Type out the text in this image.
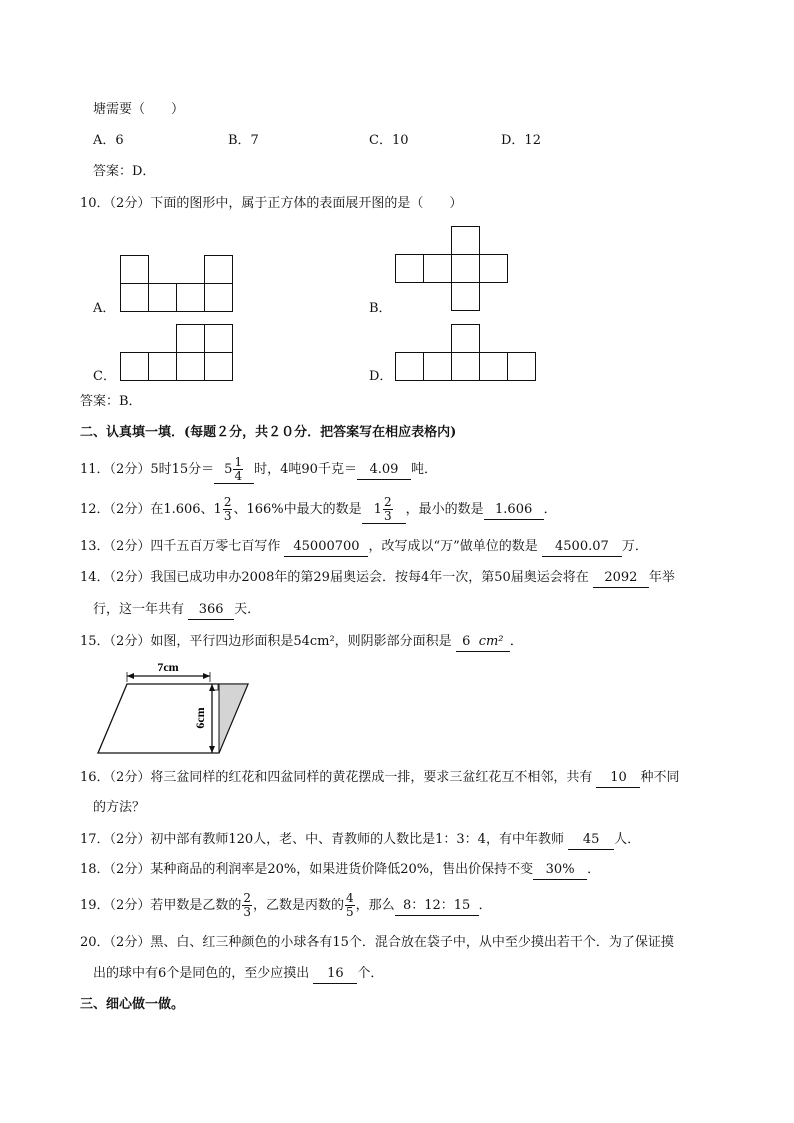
塘需要（　　）
A．6	B．7	C．10	D．12
答案：D．
10．（2分）下面的图形中，属于正方体的表面展开图的是（　　）
A．	B．
C．	D．
答案：B．
二、认真填一填．(每题２分，共２０分．把答案写在相应表格内)
11．（2分）5时15分＝ $5 \frac{1}{4}$ 时，4吨90千克＝ 4.09 吨．
12．（2分）在1.606、$1 \frac{2}{3}$ 、166%中最大的数是 $1 \frac{2}{3}$ ，最小的数是 1.606 ．
13．（2分）四千五百万零七百写作 45000700 ，改写成以“万”做单位的数是 4500.07 万．
14．（2分）我国已成功申办2008年的第29届奥运会．按每4年一次，第50届奥运会将在 2092 年举
行，这一年共有 366 天．
15．（2分）如图，平行四边形面积是54cm²，则阴影部分面积是 6 cm² ．
7cm
6cm
16．（2分）将三盆同样的红花和四盆同样的黄花摆成一排，要求三盆红花互不相邻，共有 10 种不同
的方法？
17．（2分）初中部有教师120人，老、中、青教师的人数比是1：3：4，有中年教师 45 人．
18．（2分）某种商品的利润率是20%，如果进货价降低20%，售出价保持不变 30% ．
19．（2分）若甲数是乙数的 $\frac{2}{3}$ ，乙数是丙数的 $\frac{4}{5}$ ，那么 8：12：15 ．
20．（2分）黑、白、红三种颜色的小球各有15个．混合放在袋子中，从中至少摸出若干个．为了保证摸
出的球中有6个是同色的，至少应摸出 16 个．
三、细心做一做。
